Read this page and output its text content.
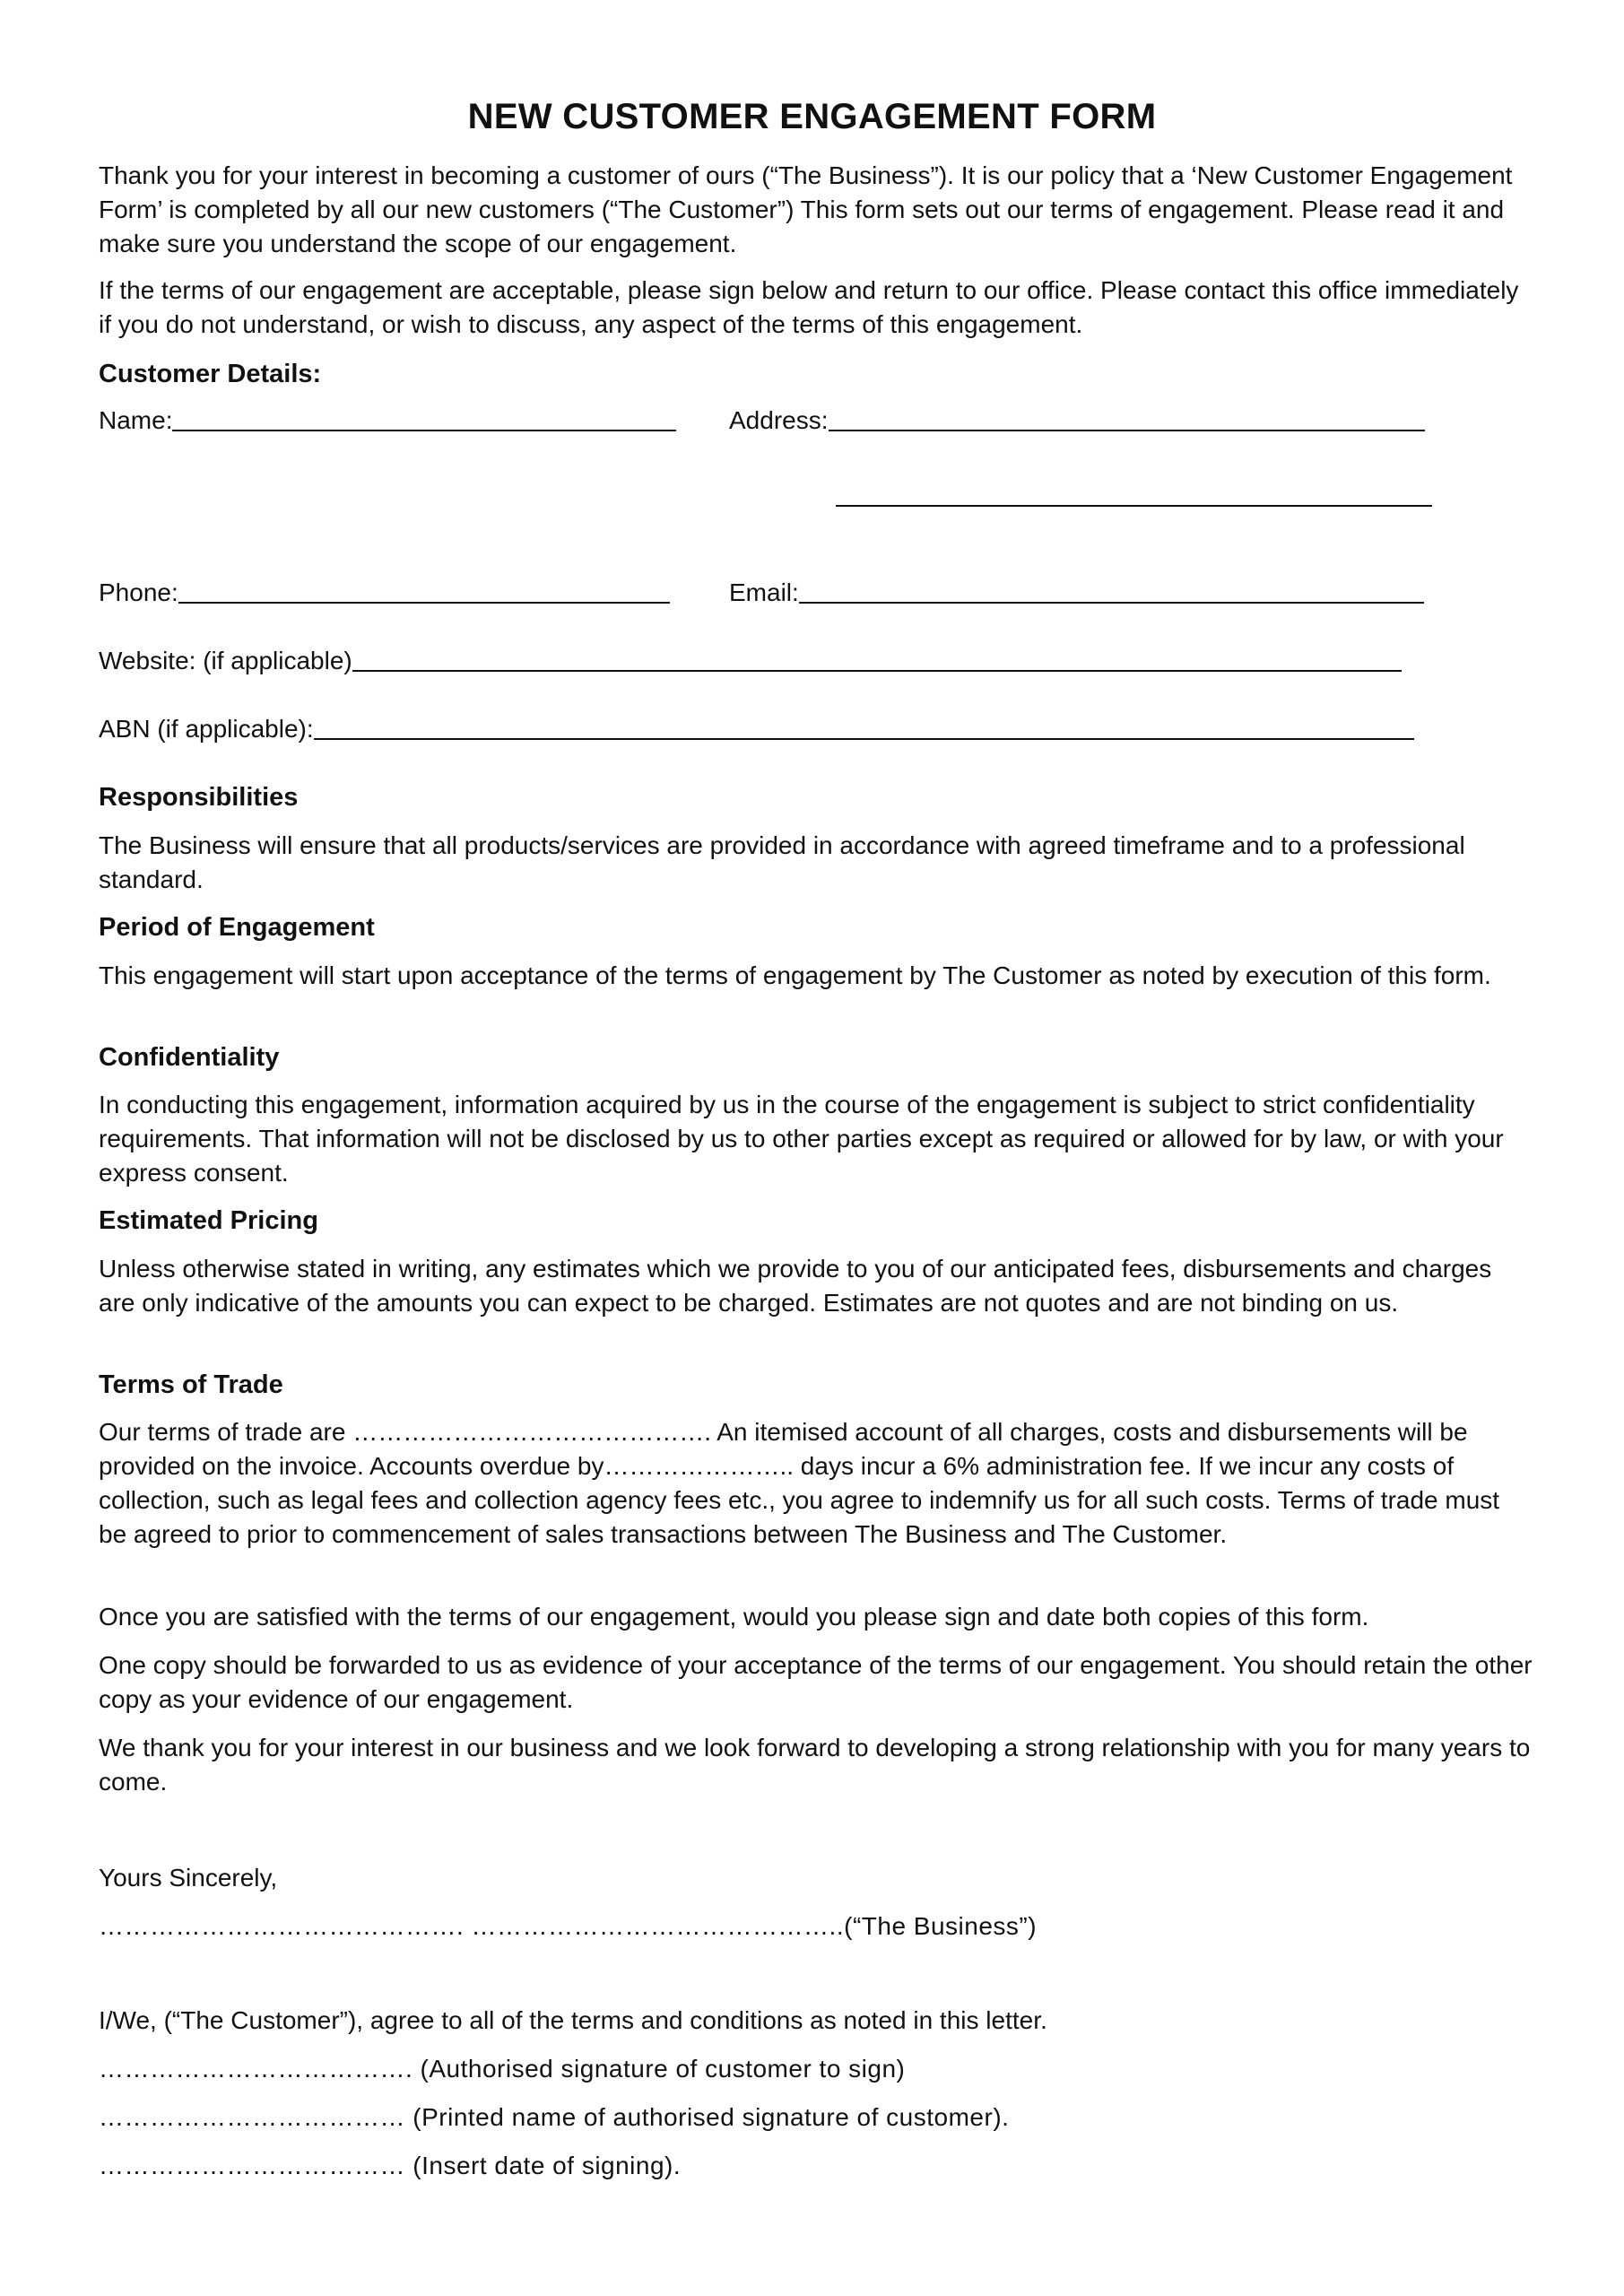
NEW CUSTOMER ENGAGEMENT FORM

Thank you for your interest in becoming a customer of ours (“The Business”). It is our policy that a ‘New Customer Engagement Form’ is completed by all our new customers (“The Customer”) This form sets out our terms of engagement. Please read it and make sure you understand the scope of our engagement.

If the terms of our engagement are acceptable, please sign below and return to our office. Please contact this office immediately if you do not understand, or wish to discuss, any aspect of the terms of this engagement.

Customer Details:
Name:	Address:
Phone:	Email:
Website: (if applicable)
ABN (if applicable):
Responsibilities

The Business will ensure that all products/services are provided in accordance with agreed timeframe and to a professional standard.

Period of Engagement

This engagement will start upon acceptance of the terms of engagement by The Customer as noted by execution of this form.

Confidentiality

In conducting this engagement, information acquired by us in the course of the engagement is subject to strict confidentiality requirements. That information will not be disclosed by us to other parties except as required or allowed for by law, or with your express consent.

Estimated Pricing

Unless otherwise stated in writing, any estimates which we provide to you of our anticipated fees, disbursements and charges are only indicative of the amounts you can expect to be charged. Estimates are not quotes and are not binding on us.

Terms of Trade

Our terms of trade are ……………………………………. An itemised account of all charges, costs and disbursements will be provided on the invoice. Accounts overdue by………………….. days incur a 6% administration fee. If we incur any costs of collection, such as legal fees and collection agency fees etc., you agree to indemnify us for all such costs. Terms of trade must be agreed to prior to commencement of sales transactions between The Business and The Customer.

Once you are satisfied with the terms of our engagement, would you please sign and date both copies of this form.

One copy should be forwarded to us as evidence of your acceptance of the terms of our engagement. You should retain the other copy as your evidence of our engagement.

We thank you for your interest in our business and we look forward to developing a strong relationship with you for many years to come.

Yours Sincerely,
……………………………………. ……………………………………..(“The Business”)
I/We, (“The Customer”), agree to all of the terms and conditions as noted in this letter.
………………………………. (Authorised signature of customer to sign)
……………………………… (Printed name of authorised signature of customer).
……………………………… (Insert date of signing).
